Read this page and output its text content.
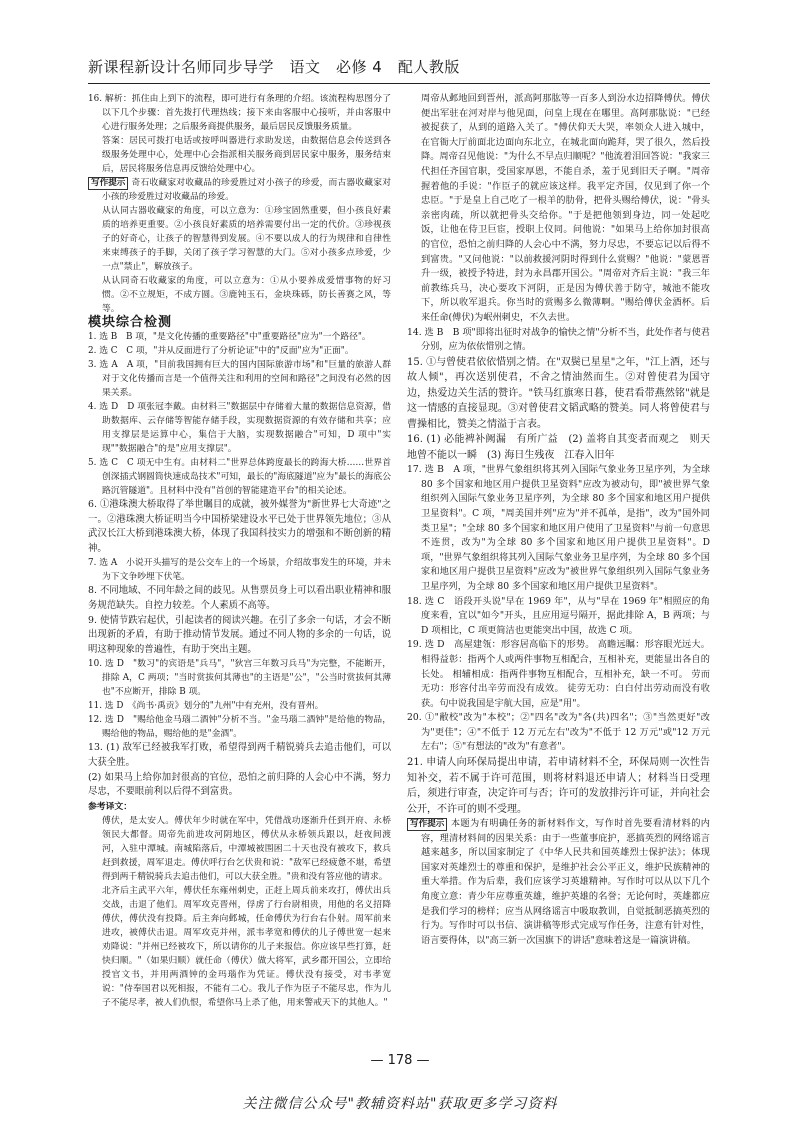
新课程新设计名师同步导学　语文　必修 4　配人教版

16. 解析：抓住由上到下的流程，即可进行有条理的介绍。该流程构思图分了以下几个步骤：首先拨打代理热线；接下来由客服中心接听，并由客服中心进行服务处理；之后服务商提供服务，最后居民反馈服务质量。

答案：居民可拨打电话或按呼叫器进行求助发送，由数据信息会传送到各级服务处理中心，处理中心会指派相关服务商到居民家中服务，服务结束后，居民将服务信息再反馈给处理中心。

写作提示 奇石收藏家对收藏品的珍爱胜过对小孩子的珍爱，而古器收藏家对小孩的珍爱胜过对收藏品的珍爱。

从认同古器收藏家的角度，可以立意为：①珍宝固然重要，但小孩良好素质的培养更重要。②小孩良好素质的培养需要付出一定的代价。③珍视孩子的好奇心，让孩子的智慧得到发展。④不要以成人的行为规律和自律性来束缚孩子的手脚，关闭了孩子学习智慧的大门。⑤对小孩多点珍爱，少一点"禁止"，解放孩子。

从认同奇石收藏家的角度，可以立意为：①从小要养成爱惜事物的好习惯。②不立规矩，不成方圆。③鹿钝玉石，金块珠砾，防长善赛之风，等等。

模块综合检测

1. 选 B　B 项，"是文化传播的重要路径"中"重要路径"应为"一个路径"。

2. 选 C　C 项，"并从反面进行了分析论证"中的"反面"应为"正面"。

3. 选 A　A 项，"目前我国拥有巨大的国内国际旅游市场"和"巨量的旅游人群对于文化传播而言是一个值得关注和利用的空间和路径"之间没有必然的因果关系。

4. 选 D　D 项张冠李戴。由材料三"数据层中存储着大量的数据信息资源，借助数据库、云存储等智能存储手段，实现数据资源的有效存储和共享；应用支撑层是运算中心，集信于大脑，实现数据融合"可知，D 项中"实现""数据融合"的是"应用支撑层"。

5. 选 C　C 项无中生有。由材料二"世界总体跨度最长的跨海大桥……世界首创深插式钢圆筒快速成岛技术"可知，最长的"海底隧道"应为"最长的海底公路沉管隧道"。且材料中没有"首创的智能建造平台"的相关论述。

6. ①港珠澳大桥取得了举世瞩目的成就，被外媒誉为"新世界七大奇迹"之一。②港珠澳大桥证明当今中国桥梁建设水平已处于世界领先地位；③从武汉长江大桥到港珠澳大桥，体现了我国科技实力的增强和不断创新的精神。

7. 选 A　小说开头描写的是公交车上的一个场景，介绍故事发生的环境，并未为下文争吵埋下伏笔。

8. 不同地域、不同年龄之间的歧见。从售票员身上可以看出职业精神和服务规范缺失。自控力较差。个人素质不高等。

9. 使情节跌宕起伏，引起读者的阅读兴趣。在引了多余一句话，才会不断出现新的矛盾，有助于推动情节发展。通过不同人物的多余的一句话，说明这种现象的普遍性，有助于突出主题。

10. 选 D　"数习"的宾语是"兵马"，"狄宫三年数习兵马"为完整，不能断开，排除 A，C 两项；"当时赏拔何其薄也"的主语是"公"，"公当时赏拔何其薄也"不应断开，排除 B 项。

11. 选 D　《尚书·禹贡》划分的"九州"中有充州，没有晋州。

12. 选 D　"赐给他金马瑙二酒钟"分析不当。"金马瑙二酒钟"是给他的物品，赐给他的物品，赐给他的是"金酒"。

13. (1) 敌军已经被我军打败，希望得到两千精锐骑兵去追击他们，可以大获全胜。

(2) 如果马上给你加封很高的官位，恐怕之前归降的人会心中不满，努力尽忠，不要眼前利以后得不到富贵。

参考译文：

傅伏，是太安人。傅伏年少时就在军中，凭借战功逐渐升任到开府、永桥领民大都督。周帝先前进攻河阴地区，傅伏从永桥领兵跟以，赶夜间渡河，入驻中潭城。南城陷落后，中潭城被围困二十天也没有被攻下，救兵赶到救援，周军退走。傅伏呼行台乞伏贵和说："敌军已经疲惫不堪，希望得到两千精锐骑兵去追击他们，可以大获全胜。"贵和没有答应他的请求。

北齐后主武平六年，傅伏任东雍州刺史，正赶上周兵前来攻打，傅伏出兵交战，击退了他们。周军攻克晋州，俘虏了行台尉相贵，用他的名义招降傅伏，傅伏没有投降。后主奔向邺城，任命傅伏为行台右仆射。周军前来进攻，被傅伏击退。周军攻克并州，派韦孝宽和傅伏的儿子傅世宽一起来劝降说："并州已经被攻下，所以请你的儿子来报信。你应该早些打算，赶快归顺。"（如果归顺）就任命（傅伏）做大将军，武乡郡开国公，立即给授官文书，并用两酒钟的金玛瑙作为凭证。傅伏没有接受，对韦孝宽说："侍奉国君以死相报，不能有二心。我儿子作为臣子不能尽忠，作为儿子不能尽孝，被人们仇恨，希望你马上杀了他，用来警戒天下的其他人。"

周帝从邺地回到晋州，派高阿那肱等一百多人到汾水边招降傅伏。傅伏便出军驻在河对岸与他见面，问皇上现在在哪里。高阿那肱说："已经被捉获了，从到的道路入关了。"傅伏仰天大哭，率领众人进入城中，在官衙大厅前面北边面向东北立，在城北面向跪拜，哭了很久，然后投降。周帝召见他说："为什么不早点归顺呢？"他流着泪回答说："我家三代担任齐国官职，受国家厚恩，不能自杀，羞于见到旧天子啊。"周帝握着他的手说："作臣子的就应该这样。我平定齐国，仅见到了你一个忠臣。"于是皇上自己吃了一根羊的肋骨，把骨头赐给傅伏，说："骨头亲密肉疏，所以就把骨头交给你。"于是把他领到身边，同一处起吃饭，让他在侍卫巨宦，授职上仪同。问他说："如果马上给你加封很高的官位，恐怕之前归降的人会心中不满，努力尽忠，不要忘记以后得不到富贵。"又问他说："以前救援河阴时得到什么赏赐？"他说："蒙恩晋升一级，被授予特进，封为永昌郡开国公。"周帝对齐后主说："我三年前教练兵马，决心要攻下河阴，正是因为傅伏善于防守，城池不能攻下，所以收军退兵。你当时的赏赐多么微薄啊。"赐给傅伏金酒杯。后来任命(傅伏)为岷州刺史，不久去世。

14. 选 B　B 项"即将出征时对战争的愉快之情"分析不当，此处作者与使君分别，应为依依惜别之情。

15. ①与曾使君依依惜别之情。在"双鬓已星星"之年，"江上酒，还与故人倾"，再次送别使君，不舍之情油然而生。②对曾使君为国守边，热爱边关生活的赞许。"铁马红旗寒日暮，使君看带燕然铭"就是这一情感的直接显现。③对曾使君文韬武略的赞美。同人将曾使君与曹操相比，赞美之情溢于言表。

16. (1) 必能裨补阙漏　有所广益　(2) 盖将自其变者而观之　则天地曾不能以一瞬　(3) 海日生残夜　江春入旧年

17. 选 B　A 项，"世界气象组织将其列入国际气象业务卫星序列，为全球 80 多个国家和地区用户提供卫星资料"应改为被动句，即"被世界气象组织列入国际气象业务卫星序列，为全球 80 多个国家和地区用户提供卫星资料"。C 项，"周美国并列"应为"并不孤单，是指"，改为"国外同类卫星"；"全球 80 多个国家和地区用户使用了卫星资料"与前一句意思不连贯，改为"为全球 80 多个国家和地区用户提供卫星资料"。D 项，"世界气象组织将其列入国际气象业务卫星序列，为全球 80 多个国家和地区用户提供卫星资料"应改为"被世界气象组织列入国际气象业务卫星序列，为全球 80 多个国家和地区用户提供卫星资料"。

18. 选 C　语段开头说"早在 1969 年"，从与"早在 1969 年"相照应的角度来看，宜以"如今"开头，且应用逗号隔开，据此排除 A，B 两项；与 D 项相比，C 项更简洁也更能突出中国，故选 C 项。

19. 选 D　高屋建瓴：形容居高临下的形势。 高瞻远瞩：形容眼光远大。 相得益彰：指两个人或两件事物互相配合，互相补充，更能显出各自的长处。 相辅相成：指两件事物互相配合，互相补充，缺一不可。 劳而无功：形容付出辛劳而没有成效。 徒劳无功：白白付出劳动而没有收获。句中说我国是宇航大国，应是"用"。

20. ①"敝校"改为"本校"；②"四名"改为"各(共)四名"；③"当然更好"改为"更佳"；④"不低于 12 万元左右"改为"不低于 12 万元"或"12 万元左右"；⑤"有想法的"改为"有意者"。

21. 申请人向环保局提出申请，若申请材料不全，环保局则一次性告知补交，若不属于许可范围，则将材料退还申请人；材料当日受理后，须进行审查，决定许可与否；许可的发放排污许可证，并向社会公开，不许可的则不受理。

写作提示 本题为有明确任务的新材料作文，写作时首先要看清材料的内容，理清材料间的因果关系：由于一些董事庇护，恶搞英烈的网络谣言越来越多，所以国家制定了《中华人民共和国英雄烈士保护法》；体现国家对英雄烈士的尊重和保护，是维护社会公平正义，维护民族精神的重大举措。作为后辈，我们应该学习英雄精神。写作时可以从以下几个角度立意：青少年应尊重英雄，维护英雄的名誉；无论何时，英雄都应是我们学习的榜样；应当从网络谣言中吸取教训，自觉抵制恶搞英烈的行为。写作时可以书信、演讲稿等形式完成写作任务，注意有针对性，语言要得体，以"高三新一次国旗下的讲话"意味着这是一篇演讲稿。

— 178 —
关注微信公众号"教辅资料站"获取更多学习资料
